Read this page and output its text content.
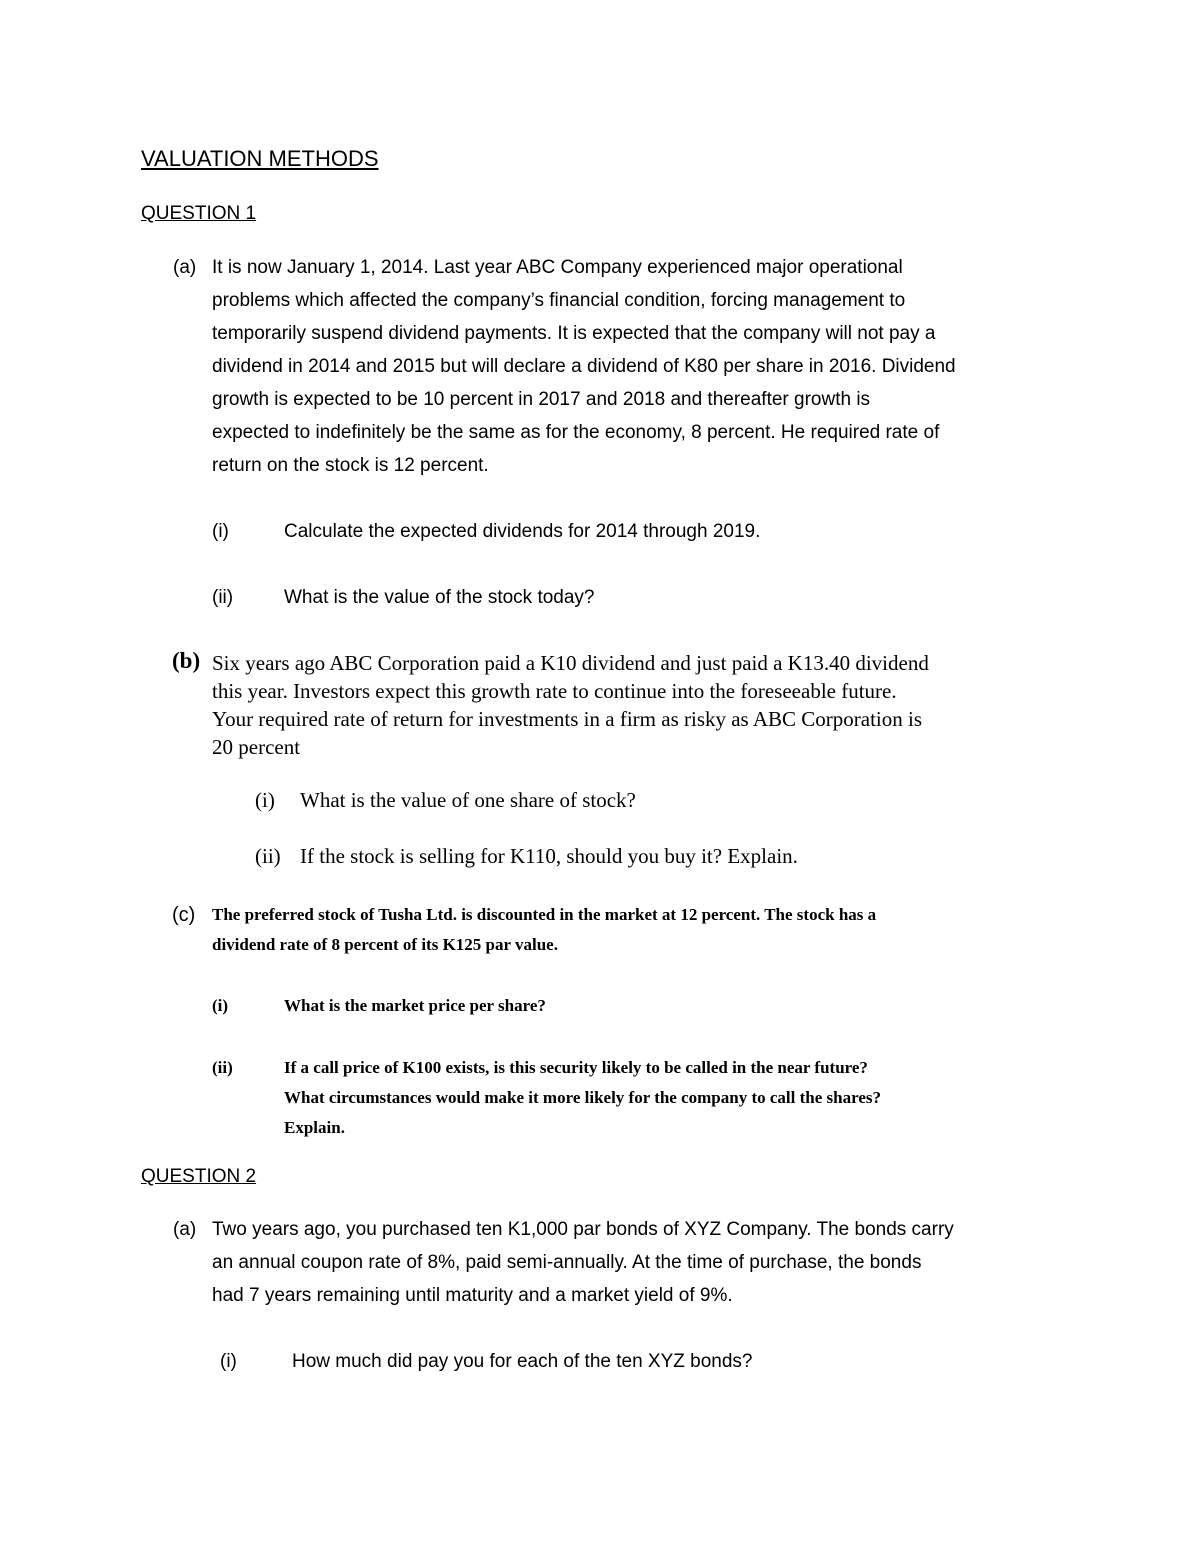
VALUATION METHODS
QUESTION 1
(a) It is now January 1, 2014. Last year ABC Company experienced major operational
problems which affected the company’s financial condition, forcing management to
temporarily suspend dividend payments. It is expected that the company will not pay a
dividend in 2014 and 2015 but will declare a dividend of K80 per share in 2016. Dividend
growth is expected to be 10 percent in 2017 and 2018 and thereafter growth is
expected to indefinitely be the same as for the economy, 8 percent. He required rate of
return on the stock is 12 percent.
(i)	Calculate the expected dividends for 2014 through 2019.
(ii)	What is the value of the stock today?
(b) Six years ago ABC Corporation paid a K10 dividend and just paid a K13.40 dividend
this year. Investors expect this growth rate to continue into the foreseeable future.
Your required rate of return for investments in a firm as risky as ABC Corporation is
20 percent
(i) What is the value of one share of stock?
(ii) If the stock is selling for K110, should you buy it? Explain.
(c) The preferred stock of Tusha Ltd. is discounted in the market at 12 percent. The stock has a
dividend rate of 8 percent of its K125 par value.
(i)	What is the market price per share?
(ii)	If a call price of K100 exists, is this security likely to be called in the near future?
What circumstances would make it more likely for the company to call the shares?
Explain.
QUESTION 2
(a) Two years ago, you purchased ten K1,000 par bonds of XYZ Company. The bonds carry
an annual coupon rate of 8%, paid semi-annually. At the time of purchase, the bonds
had 7 years remaining until maturity and a market yield of 9%.
(i)	How much did pay you for each of the ten XYZ bonds?
